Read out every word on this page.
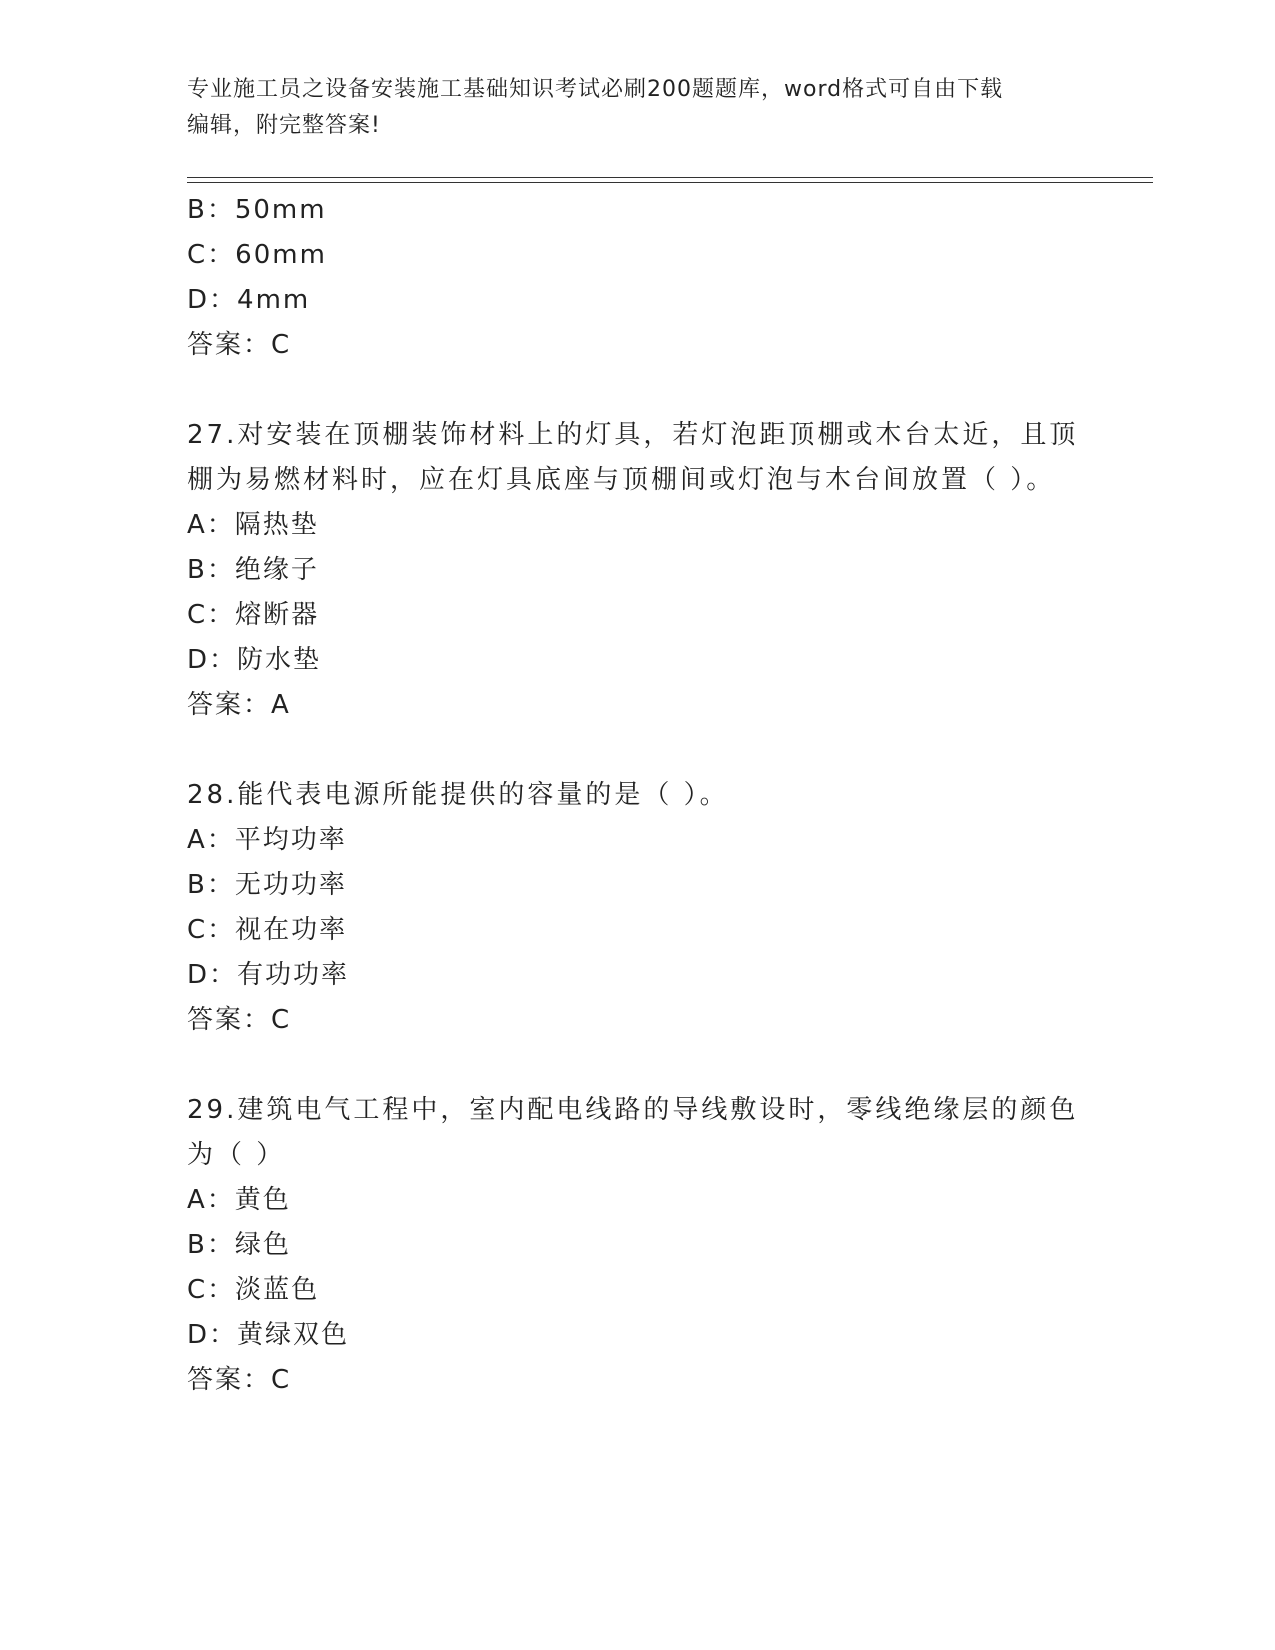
专业施工员之设备安装施工基础知识考试必刷200题题库，word格式可自由下载
编辑，附完整答案!
B：50mm
C：60mm
D：4mm
答案：C
27.对安装在顶棚装饰材料上的灯具，若灯泡距顶棚或木台太近，且顶
棚为易燃材料时，应在灯具底座与顶棚间或灯泡与木台间放置（ ）。
A：隔热垫
B：绝缘子
C：熔断器
D：防水垫
答案：A
28.能代表电源所能提供的容量的是（ ）。
A：平均功率
B：无功功率
C：视在功率
D：有功功率
答案：C
29.建筑电气工程中，室内配电线路的导线敷设时，零线绝缘层的颜色
为（ ）
A：黄色
B：绿色
C：淡蓝色
D：黄绿双色
答案：C
